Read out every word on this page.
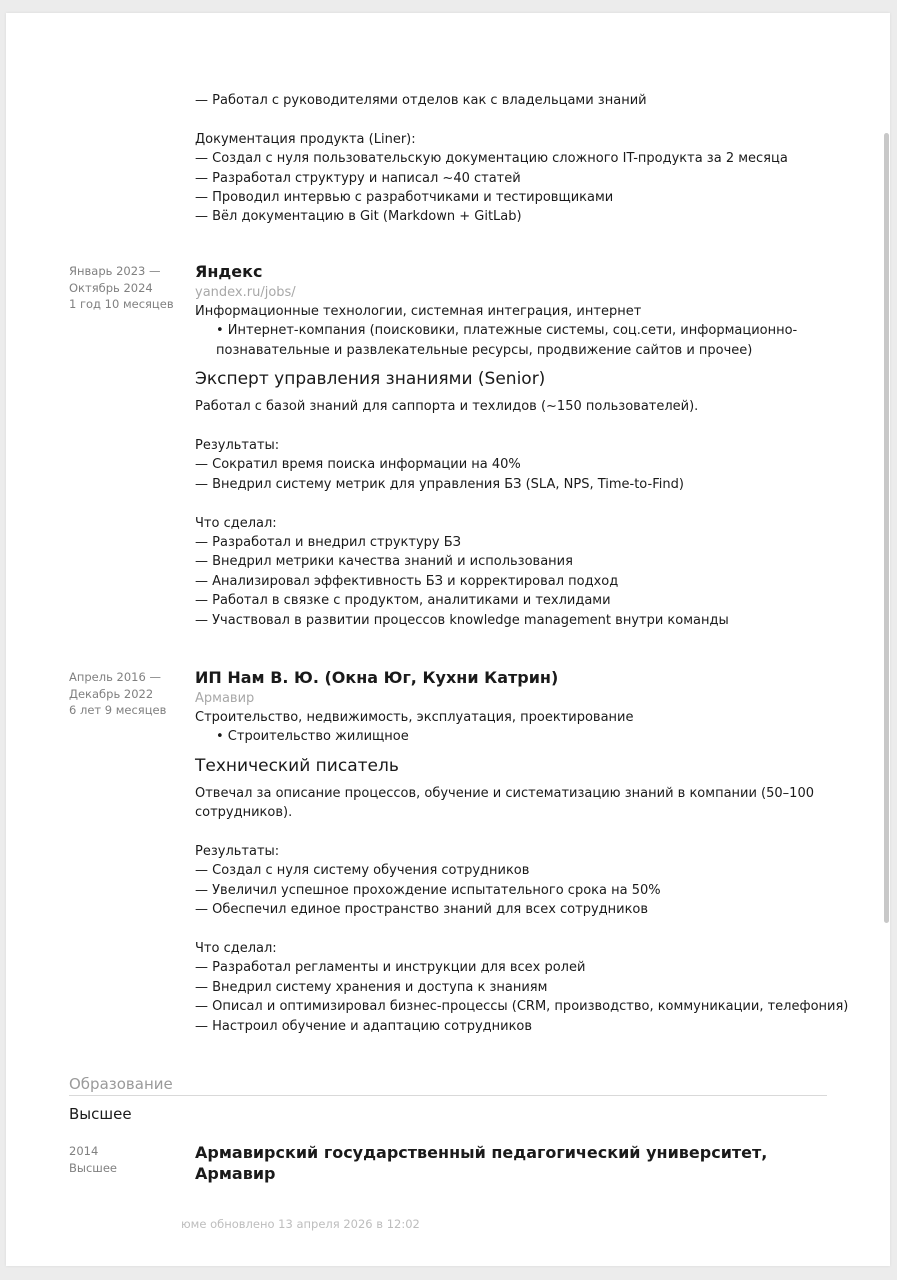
— Работал с руководителями отделов как с владельцами знаний
Документация продукта (Liner):
— Создал с нуля пользовательскую документацию сложного IT-продукта за 2 месяца
— Разработал структуру и написал ~40 статей
— Проводил интервью с разработчиками и тестировщиками
— Вёл документацию в Git (Markdown + GitLab)
Январь 2023 —
Октябрь 2024
1 год 10 месяцев
Яндекс
yandex.ru/jobs/
Информационные технологии, системная интеграция, интернет
• Интернет-компания (поисковики, платежные системы, соц.сети, информационно-познавательные и развлекательные ресурсы, продвижение сайтов и прочее)
Эксперт управления знаниями (Senior)
Работал с базой знаний для саппорта и техлидов (~150 пользователей).
Результаты:
— Сократил время поиска информации на 40%
— Внедрил систему метрик для управления БЗ (SLA, NPS, Time-to-Find)
Что сделал:
— Разработал и внедрил структуру БЗ
— Внедрил метрики качества знаний и использования
— Анализировал эффективность БЗ и корректировал подход
— Работал в связке с продуктом, аналитиками и техлидами
— Участвовал в развитии процессов knowledge management внутри команды
Апрель 2016 —
Декабрь 2022
6 лет 9 месяцев
ИП Нам В. Ю. (Окна Юг, Кухни Катрин)
Армавир
Строительство, недвижимость, эксплуатация, проектирование
• Строительство жилищное
Технический писатель
Отвечал за описание процессов, обучение и систематизацию знаний в компании (50–100
сотрудников).
Результаты:
— Создал с нуля систему обучения сотрудников
— Увеличил успешное прохождение испытательного срока на 50%
— Обеспечил единое пространство знаний для всех сотрудников
Что сделал:
— Разработал регламенты и инструкции для всех ролей
— Внедрил систему хранения и доступа к знаниям
— Описал и оптимизировал бизнес-процессы (CRM, производство, коммуникации, телефония)
— Настроил обучение и адаптацию сотрудников
Образование
Высшее
2014
Высшее
Армавирский государственный педагогический университет, Армавир
юме обновлено 13 апреля 2026 в 12:02
